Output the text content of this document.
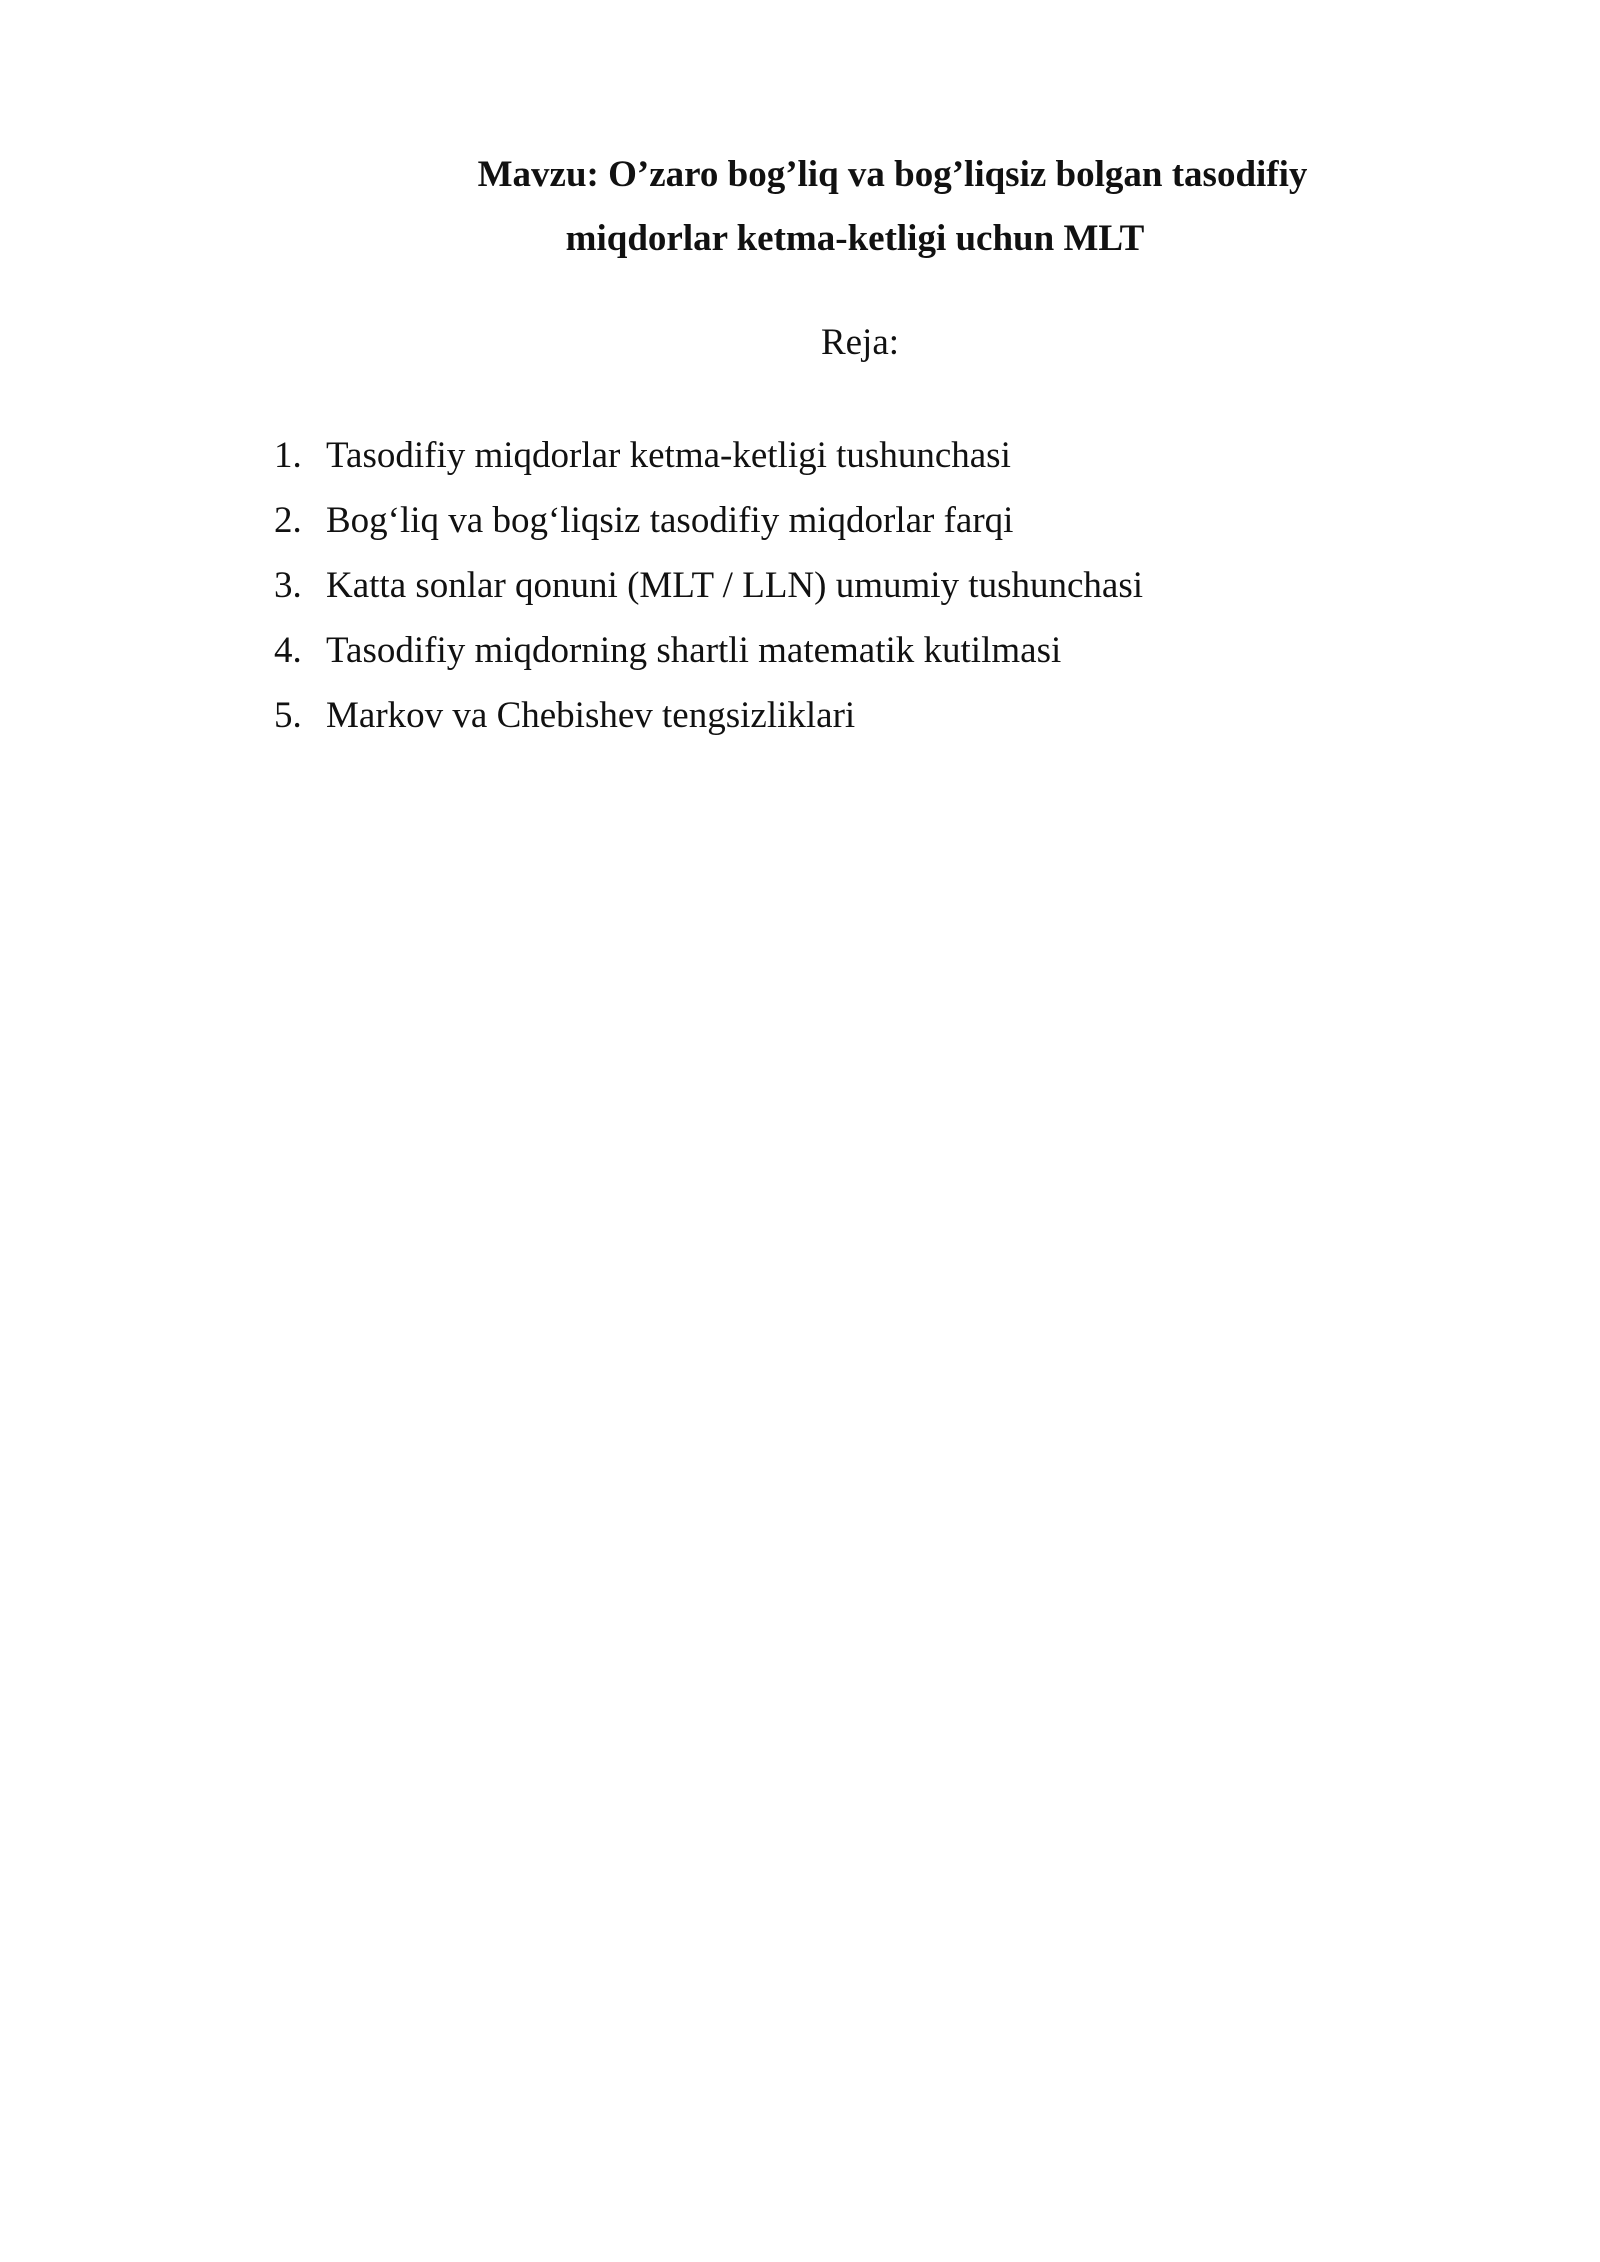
Mavzu: O’zaro bog’liq va bog’liqsiz bolgan tasodifiy
miqdorlar ketma-ketligi uchun MLT
Reja:
1. Tasodifiy miqdorlar ketma-ketligi tushunchasi
2. Bog‘liq va bog‘liqsiz tasodifiy miqdorlar farqi
3. Katta sonlar qonuni (MLT / LLN) umumiy tushunchasi
4. Tasodifiy miqdorning shartli matematik kutilmasi
5. Markov va Chebishev tengsizliklari
